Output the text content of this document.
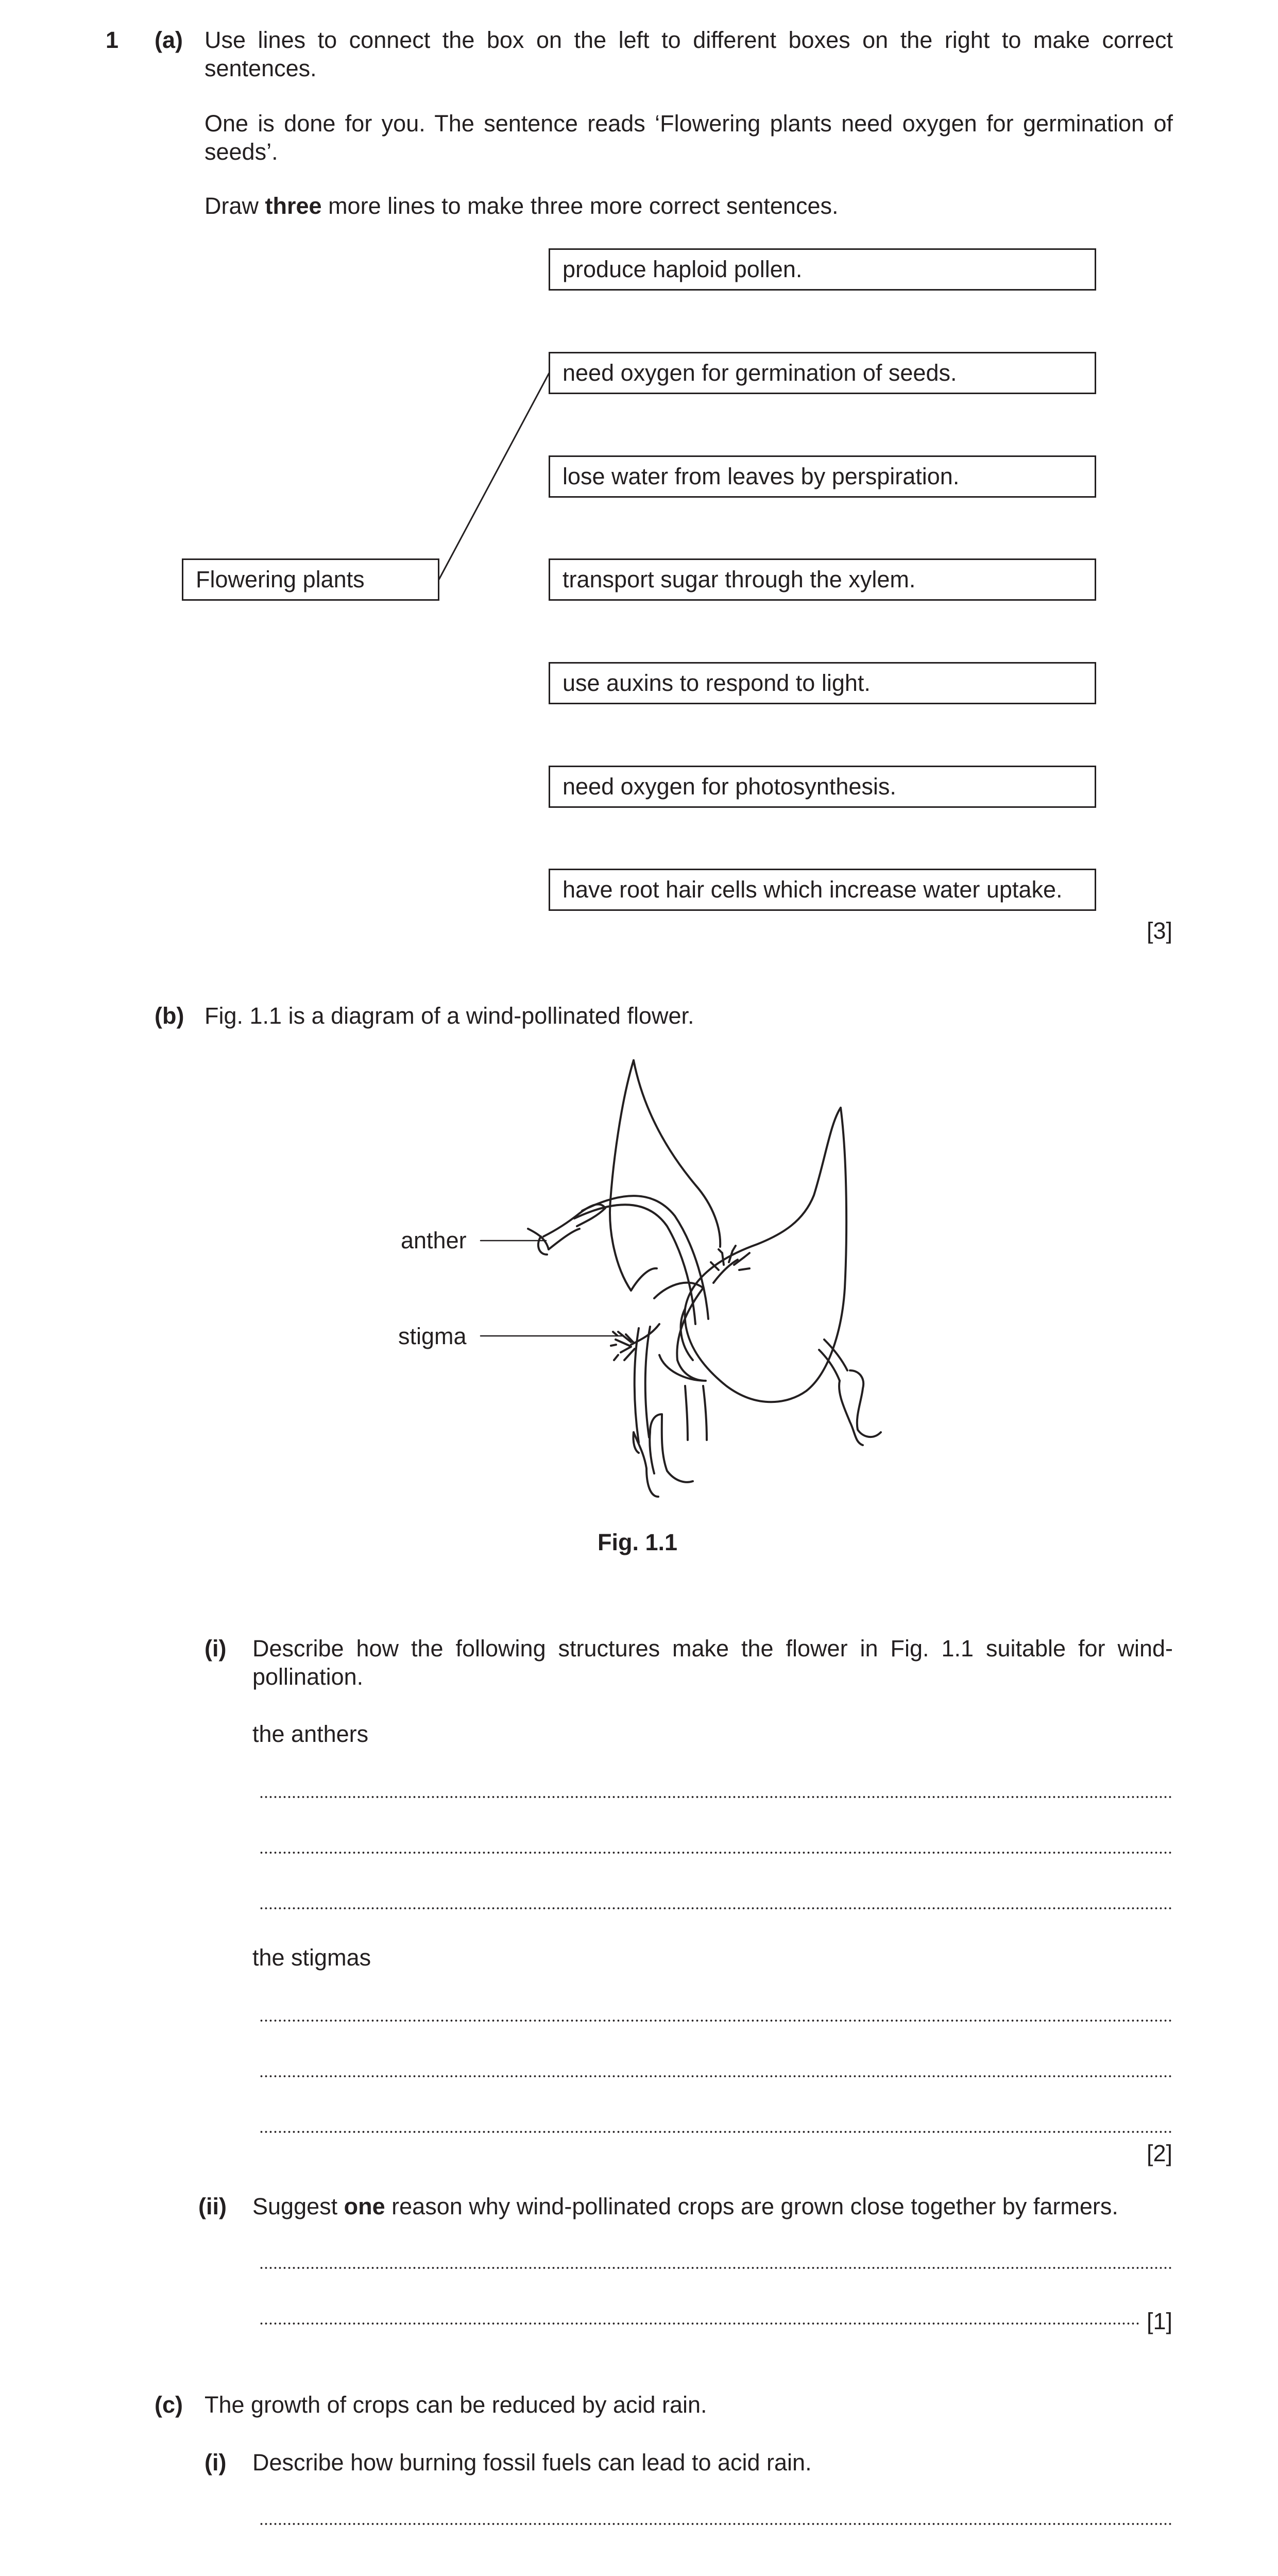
1 (a) Use lines to connect the box on the left to different boxes on the right to make correct sentences.
One is done for you. The sentence reads ‘Flowering plants need oxygen for germination of seeds’.
Draw three more lines to make three more correct sentences.
Flowering plants
produce haploid pollen.
need oxygen for germination of seeds.
lose water from leaves by perspiration.
transport sugar through the xylem.
use auxins to respond to light.
need oxygen for photosynthesis.
have root hair cells which increase water uptake.
[3]
(b) Fig. 1.1 is a diagram of a wind-pollinated flower.
anther
stigma
Fig. 1.1
(i) Describe how the following structures make the flower in Fig. 1.1 suitable for wind-pollination.
the anthers
the stigmas
[2]
(ii) Suggest one reason why wind-pollinated crops are grown close together by farmers.
[1]
(c) The growth of crops can be reduced by acid rain.
(i) Describe how burning fossil fuels can lead to acid rain.
